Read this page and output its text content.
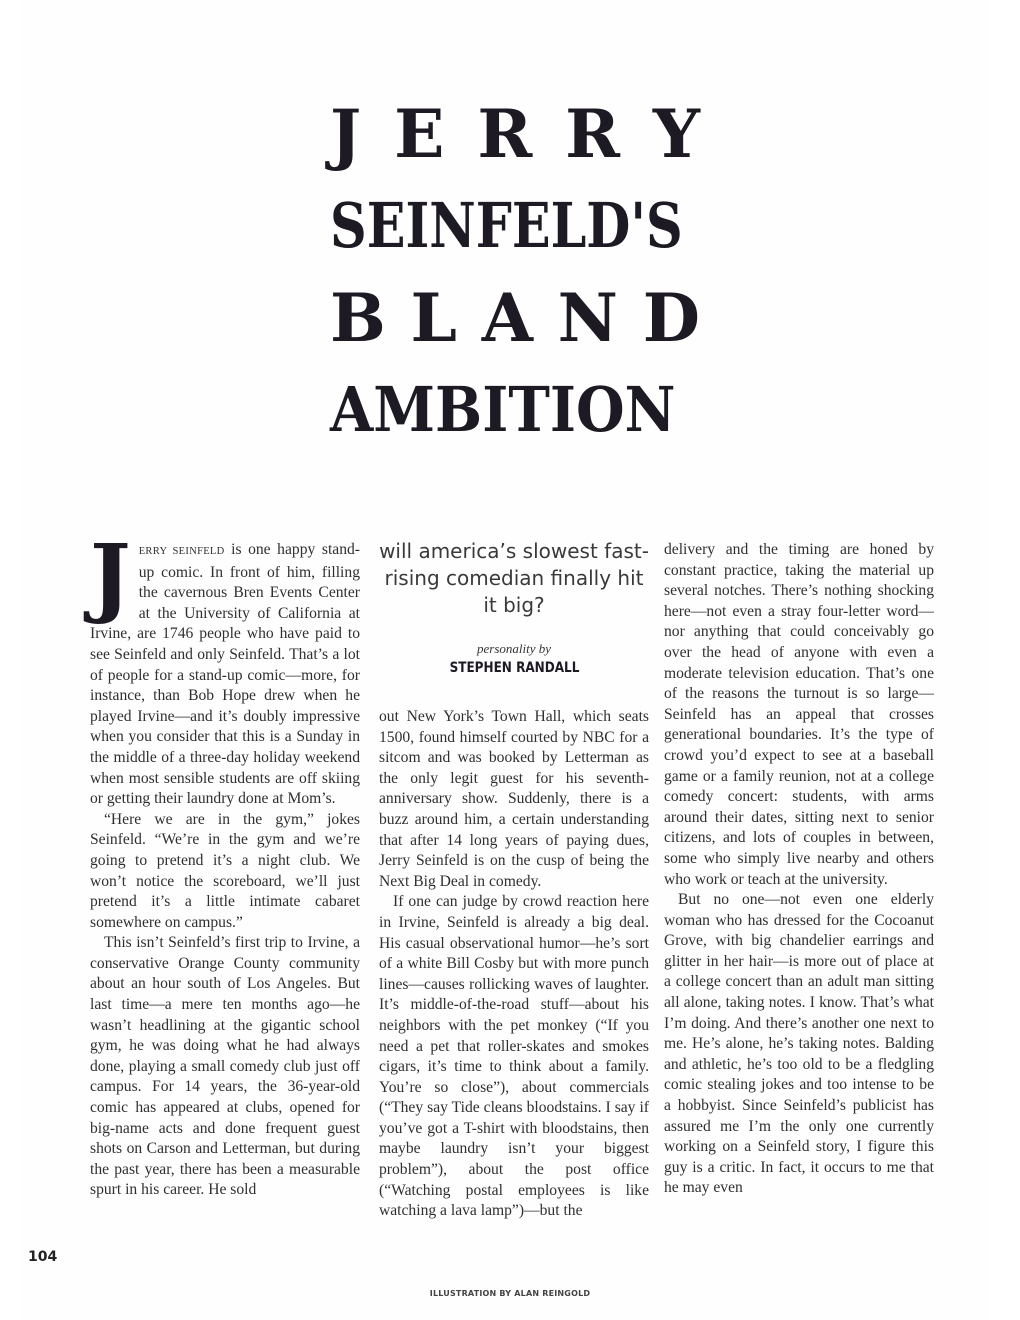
J E R R Y
SEINFELD'S
B L A N D
AMBITION

JERRY SEINFELD is one happy stand-up comic. In front of him, filling the cavernous Bren Events Center at the University of California at Irvine, are 1746 people who have paid to see Seinfeld and only Seinfeld. That’s a lot of people for a stand-up comic—more, for instance, than Bob Hope drew when he played Irvine—and it’s doubly impressive when you consider that this is a Sunday in the middle of a three-day holiday weekend when most sensible students are off skiing or getting their laundry done at Mom’s.

“Here we are in the gym,” jokes Seinfeld. “We’re in the gym and we’re going to pretend it’s a night club. We won’t notice the scoreboard, we’ll just pretend it’s a little intimate cabaret somewhere on campus.”

This isn’t Seinfeld’s first trip to Irvine, a conservative Orange County community about an hour south of Los Angeles. But last time—a mere ten months ago—he wasn’t headlining at the gigantic school gym, he was doing what he had always done, playing a small comedy club just off campus. For 14 years, the 36-year-old comic has appeared at clubs, opened for big-name acts and done frequent guest shots on Carson and Letterman, but during the past year, there has been a measurable spurt in his career. He sold

will america’s slowest fast-rising comedian finally hit it big?
personality by
STEPHEN RANDALL

out New York’s Town Hall, which seats 1500, found himself courted by NBC for a sitcom and was booked by Letterman as the only legit guest for his seventh-anniversary show. Suddenly, there is a buzz around him, a certain understanding that after 14 long years of paying dues, Jerry Seinfeld is on the cusp of being the Next Big Deal in comedy.

If one can judge by crowd reaction here in Irvine, Seinfeld is already a big deal. His casual observational humor—he’s sort of a white Bill Cosby but with more punch lines—causes rollicking waves of laughter. It’s middle-of-the-road stuff—about his neighbors with the pet monkey (“If you need a pet that roller-skates and smokes cigars, it’s time to think about a family. You’re so close”), about commercials (“They say Tide cleans bloodstains. I say if you’ve got a T-shirt with bloodstains, then maybe laundry isn’t your biggest problem”), about the post office (“Watching postal employees is like watching a lava lamp”)—but the

delivery and the timing are honed by constant practice, taking the material up several notches. There’s nothing shocking here—not even a stray four-letter word—nor anything that could conceivably go over the head of anyone with even a moderate television education. That’s one of the reasons the turnout is so large—Seinfeld has an appeal that crosses generational boundaries. It’s the type of crowd you’d expect to see at a baseball game or a family reunion, not at a college comedy concert: students, with arms around their dates, sitting next to senior citizens, and lots of couples in between, some who simply live nearby and others who work or teach at the university.

But no one—not even one elderly woman who has dressed for the Cocoanut Grove, with big chandelier earrings and glitter in her hair—is more out of place at a college concert than an adult man sitting all alone, taking notes. I know. That’s what I’m doing. And there’s another one next to me. He’s alone, he’s taking notes. Balding and athletic, he’s too old to be a fledgling comic stealing jokes and too intense to be a hobbyist. Since Seinfeld’s publicist has assured me I’m the only one currently working on a Seinfeld story, I figure this guy is a critic. In fact, it occurs to me that he may even

104
ILLUSTRATION BY ALAN REINGOLD
